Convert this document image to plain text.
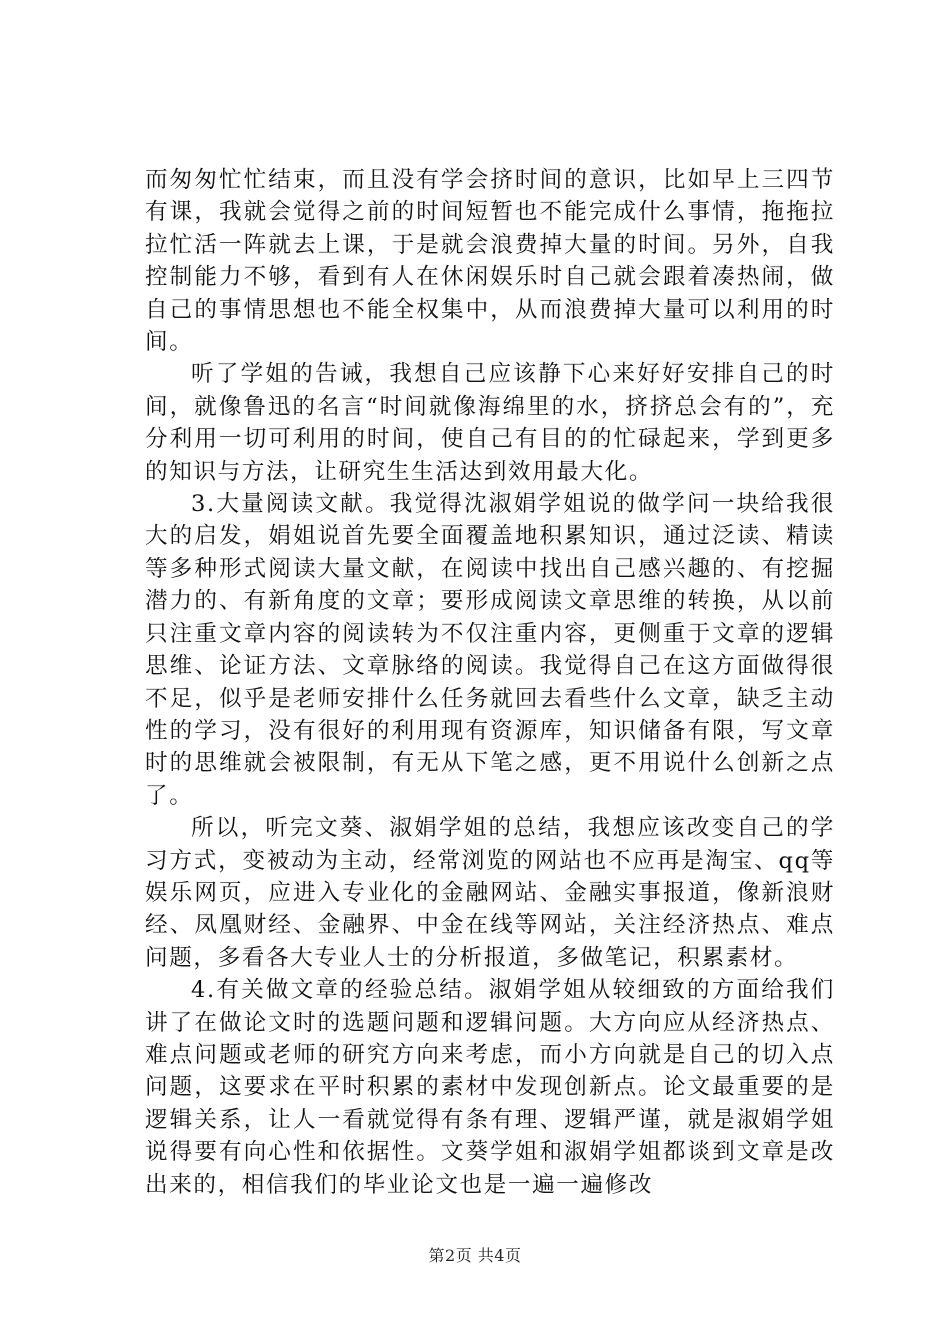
而匆匆忙忙结束，而且没有学会挤时间的意识，比如早上三四节有课，我就会觉得之前的时间短暂也不能完成什么事情，拖拖拉拉忙活一阵就去上课，于是就会浪费掉大量的时间。另外，自我控制能力不够，看到有人在休闲娱乐时自己就会跟着凑热闹，做自己的事情思想也不能全权集中，从而浪费掉大量可以利用的时间。

听了学姐的告诫，我想自己应该静下心来好好安排自己的时间，就像鲁迅的名言“时间就像海绵里的水，挤挤总会有的”，充分利用一切可利用的时间，使自己有目的的忙碌起来，学到更多的知识与方法，让研究生生活达到效用最大化。

3.大量阅读文献。我觉得沈淑娟学姐说的做学问一块给我很大的启发，娟姐说首先要全面覆盖地积累知识，通过泛读、精读等多种形式阅读大量文献，在阅读中找出自己感兴趣的、有挖掘潜力的、有新角度的文章；要形成阅读文章思维的转换，从以前只注重文章内容的阅读转为不仅注重内容，更侧重于文章的逻辑思维、论证方法、文章脉络的阅读。我觉得自己在这方面做得很不足，似乎是老师安排什么任务就回去看些什么文章，缺乏主动性的学习，没有很好的利用现有资源库，知识储备有限，写文章时的思维就会被限制，有无从下笔之感，更不用说什么创新之点了。

所以，听完文葵、淑娟学姐的总结，我想应该改变自己的学习方式，变被动为主动，经常浏览的网站也不应再是淘宝、qq等娱乐网页，应进入专业化的金融网站、金融实事报道，像新浪财经、凤凰财经、金融界、中金在线等网站，关注经济热点、难点问题，多看各大专业人士的分析报道，多做笔记，积累素材。

4.有关做文章的经验总结。淑娟学姐从较细致的方面给我们讲了在做论文时的选题问题和逻辑问题。大方向应从经济热点、难点问题或老师的研究方向来考虑，而小方向就是自己的切入点问题，这要求在平时积累的素材中发现创新点。论文最重要的是逻辑关系，让人一看就觉得有条有理、逻辑严谨，就是淑娟学姐说得要有向心性和依据性。文葵学姐和淑娟学姐都谈到文章是改出来的，相信我们的毕业论文也是一遍一遍修改

第2页 共4页
